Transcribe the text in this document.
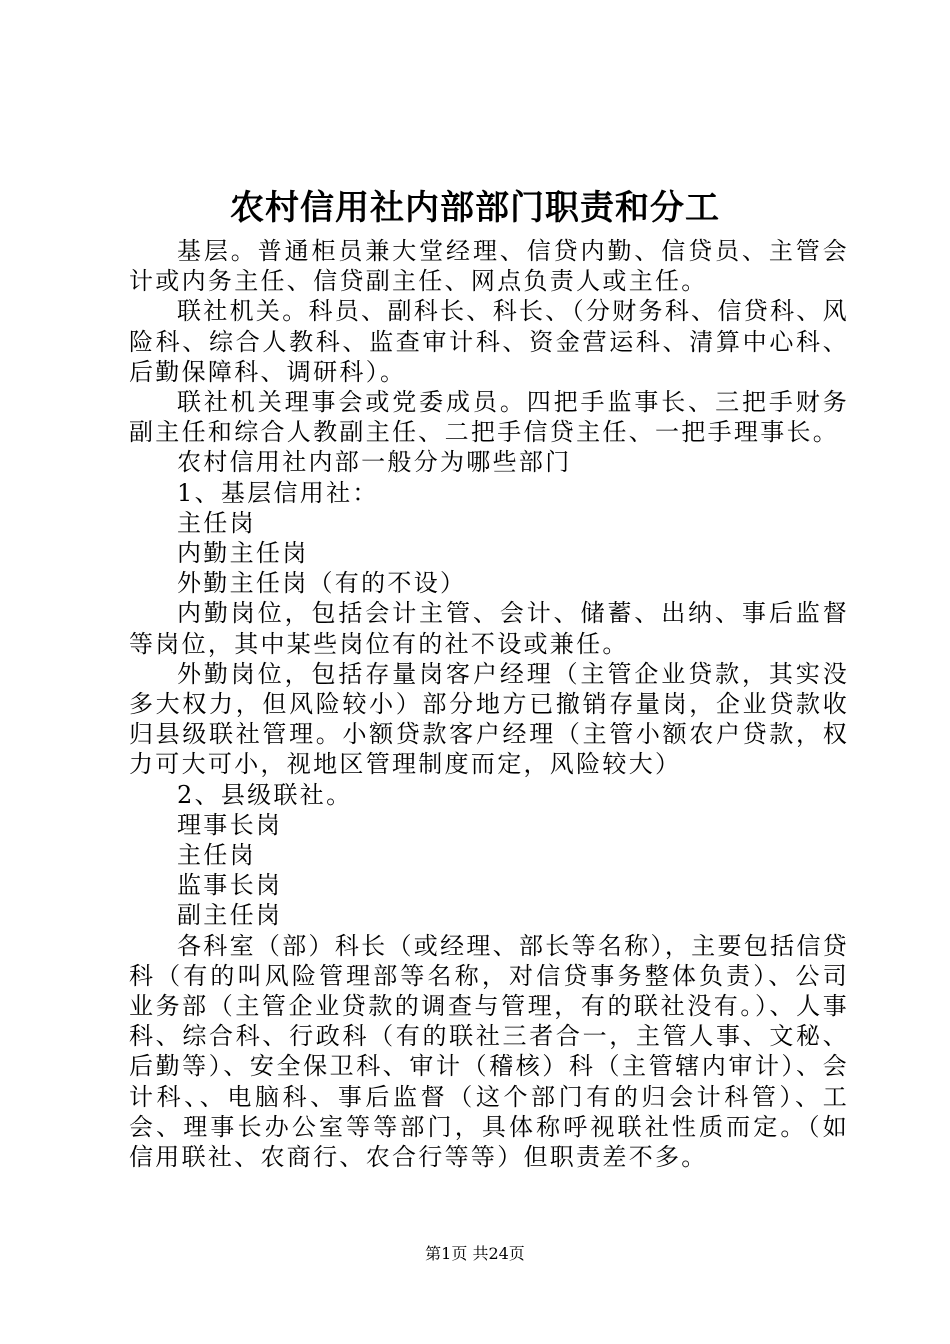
农村信用社内部部门职责和分工

基层。普通柜员兼大堂经理、信贷内勤、信贷员、主管会计或内务主任、信贷副主任、网点负责人或主任。

联社机关。科员、副科长、科长、（分财务科、信贷科、风险科、综合人教科、监查审计科、资金营运科、清算中心科、后勤保障科、调研科）。

联社机关理事会或党委成员。四把手监事长、三把手财务副主任和综合人教副主任、二把手信贷主任、一把手理事长。

农村信用社内部一般分为哪些部门

1、基层信用社：

主任岗

内勤主任岗

外勤主任岗（有的不设）

内勤岗位，包括会计主管、会计、储蓄、出纳、事后监督等岗位，其中某些岗位有的社不设或兼任。

外勤岗位，包括存量岗客户经理（主管企业贷款，其实没多大权力，但风险较小）部分地方已撤销存量岗，企业贷款收归县级联社管理。小额贷款客户经理（主管小额农户贷款，权力可大可小，视地区管理制度而定，风险较大）

2、县级联社。

理事长岗

主任岗

监事长岗

副主任岗

各科室（部）科长（或经理、部长等名称），主要包括信贷科（有的叫风险管理部等名称，对信贷事务整体负责）、公司业务部（主管企业贷款的调查与管理，有的联社没有。）、人事科、综合科、行政科（有的联社三者合一，主管人事、文秘、后勤等）、安全保卫科、审计（稽核）科（主管辖内审计）、会计科、、电脑科、事后监督（这个部门有的归会计科管）、工会、理事长办公室等等部门，具体称呼视联社性质而定。（如信用联社、农商行、农合行等等）但职责差不多。

第1页 共24页
